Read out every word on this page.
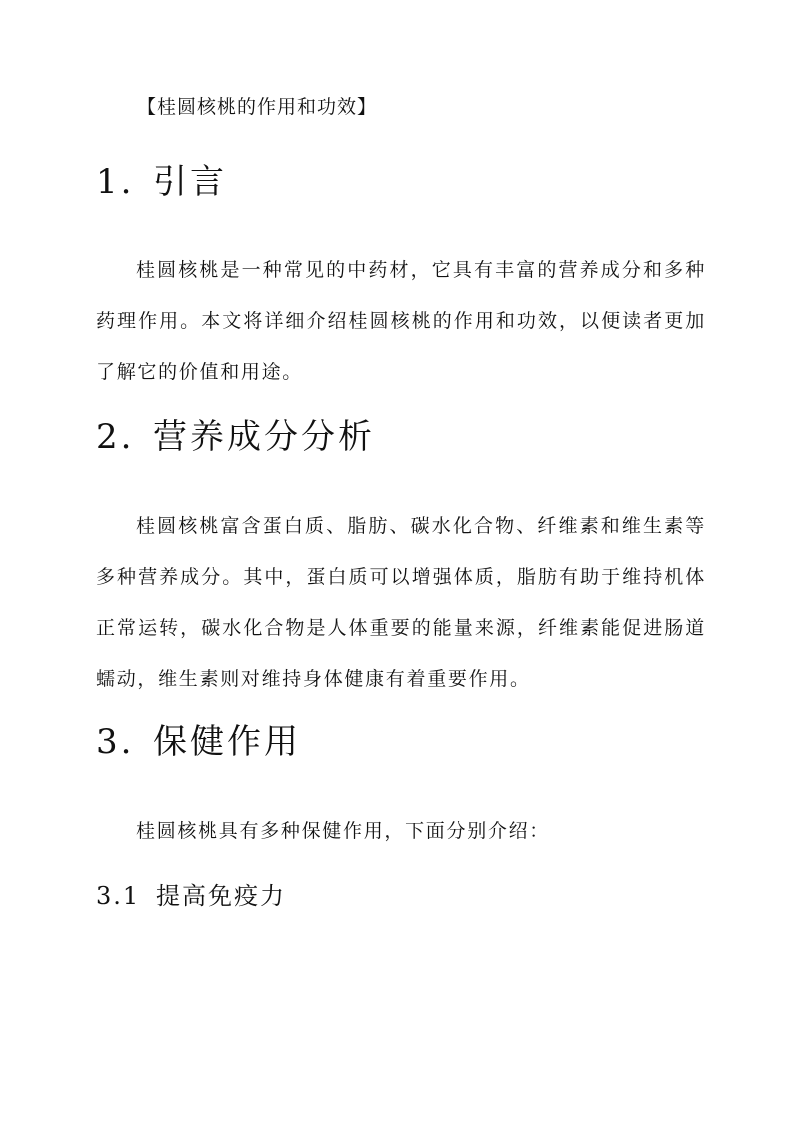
【桂圆核桃的作用和功效】
1. 引言

桂圆核桃是一种常见的中药材，它具有丰富的营养成分和多种药理作用。本文将详细介绍桂圆核桃的作用和功效，以便读者更加了解它的价值和用途。

2. 营养成分分析

桂圆核桃富含蛋白质、脂肪、碳水化合物、纤维素和维生素等多种营养成分。其中，蛋白质可以增强体质，脂肪有助于维持机体正常运转，碳水化合物是人体重要的能量来源，纤维素能促进肠道蠕动，维生素则对维持身体健康有着重要作用。

3. 保健作用

桂圆核桃具有多种保健作用，下面分别介绍：

3.1 提高免疫力
